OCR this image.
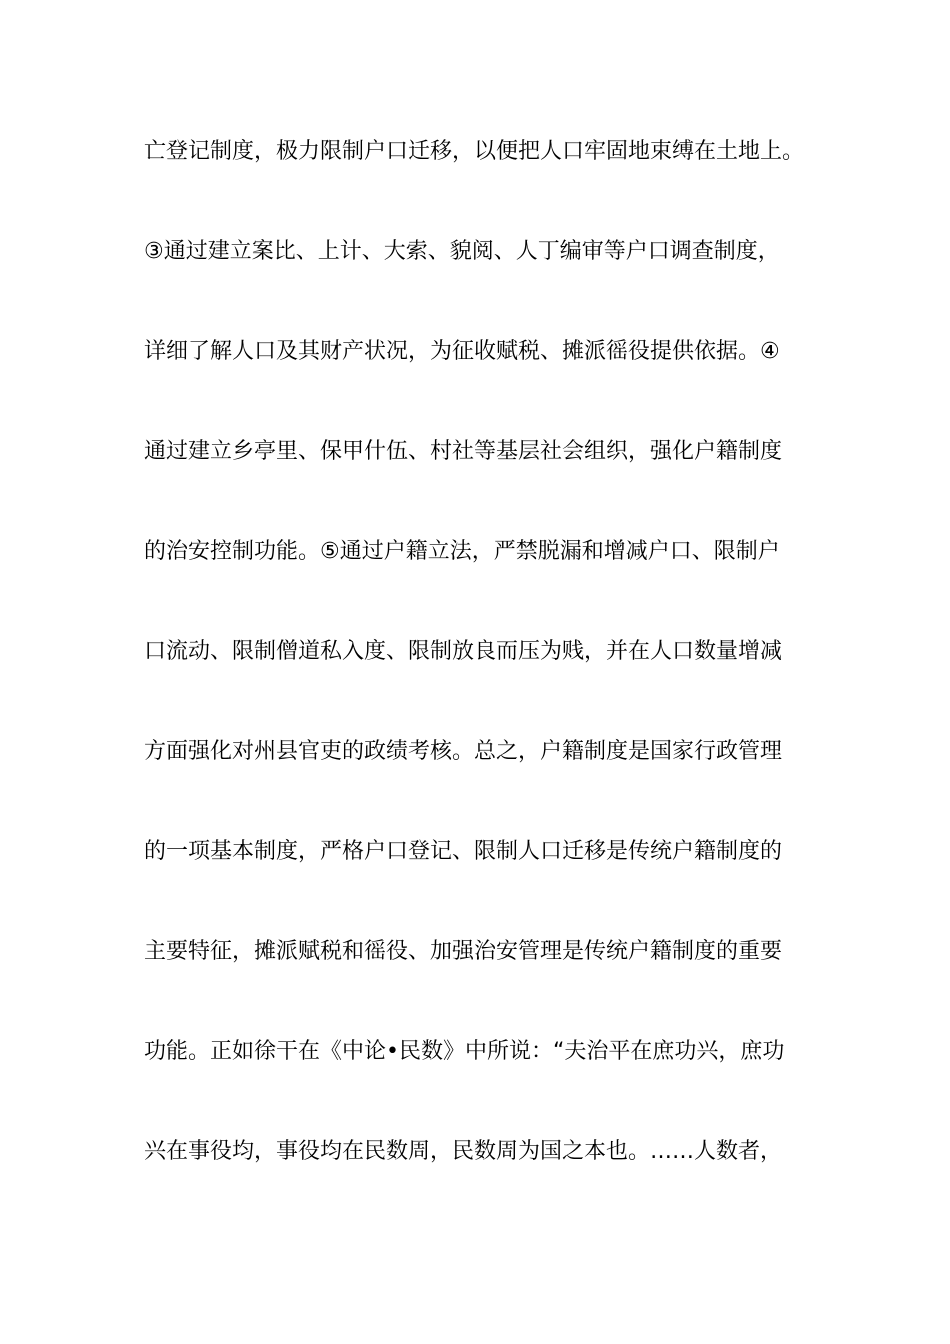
亡登记制度，极力限制户口迁移，以便把人口牢固地束缚在土地上。
③通过建立案比、上计、大索、貌阅、人丁编审等户口调查制度，
详细了解人口及其财产状况，为征收赋税、摊派徭役提供依据。④
通过建立乡亭里、保甲什伍、村社等基层社会组织，强化户籍制度
的治安控制功能。⑤通过户籍立法，严禁脱漏和增减户口、限制户
口流动、限制僧道私入度、限制放良而压为贱，并在人口数量增减
方面强化对州县官吏的政绩考核。总之，户籍制度是国家行政管理
的一项基本制度，严格户口登记、限制人口迁移是传统户籍制度的
主要特征，摊派赋税和徭役、加强治安管理是传统户籍制度的重要
功能。正如徐干在《中论•民数》中所说：“夫治平在庶功兴，庶功
兴在事役均，事役均在民数周，民数周为国之本也。……人数者，
